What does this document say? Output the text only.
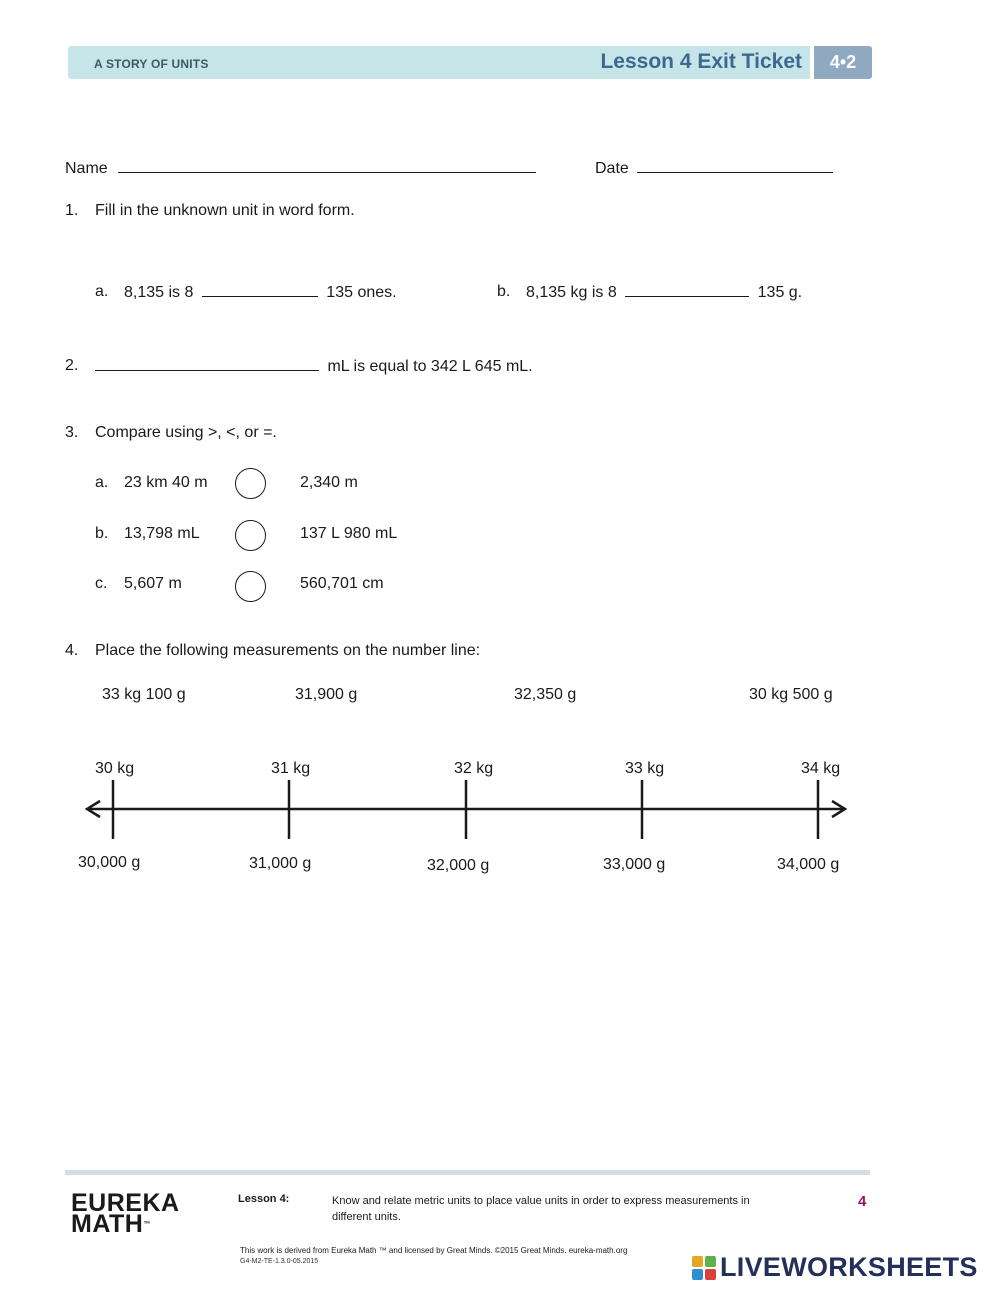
A STORY OF UNITS	Lesson 4 Exit Ticket	4•2
Name	Date
1. Fill in the unknown unit in word form.
a. 8,135 is 8	135 ones.	b. 8,135 kg is 8	135 g.
2.	mL is equal to 342 L 645 mL.
3. Compare using >, <, or =.
a. 23 km 40 m	2,340 m
b. 13,798 mL	137 L 980 mL
c. 5,607 m	560,701 cm
4. Place the following measurements on the number line:
33 kg 100 g	31,900 g	32,350 g	30 kg 500 g
30 kg	31 kg	32 kg	33 kg	34 kg
30,000 g	31,000 g	32,000 g	33,000 g	34,000 g
EUREKA
MATH™
Lesson 4:	Know and relate metric units to place value units in order to express measurements in different units.
4
This work is derived from Eureka Math ™ and licensed by Great Minds. ©2015 Great Minds. eureka-math.org
G4-M2-TE-1.3.0-05.2015	LIVEWORKSHEETS
